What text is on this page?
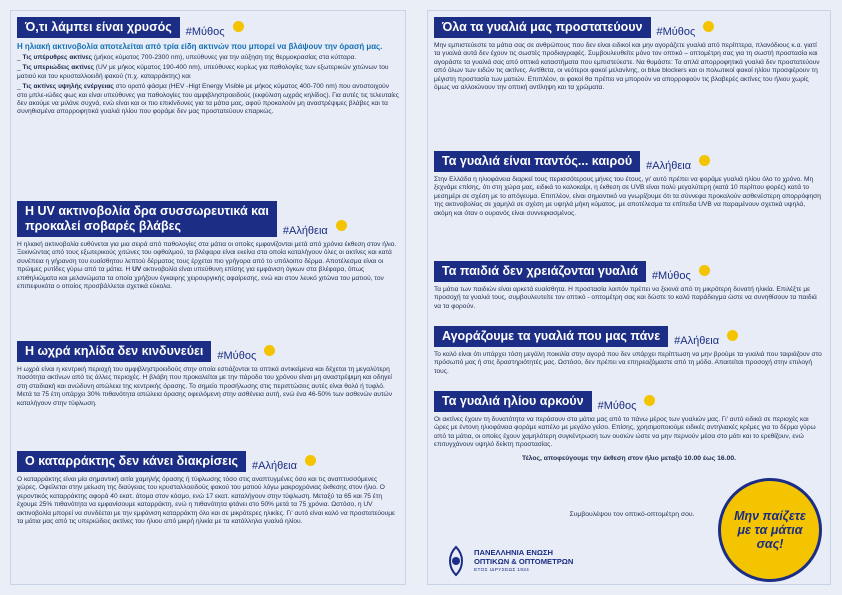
Ό,τι λάμπει είναι χρυσός	#Μύθος
Η ηλιακή ακτινοβολία αποτελείται από τρία είδη ακτινών που μπορεί να βλάψουν την όρασή μας.
_ Τις υπέρυθρες ακτίνες (μήκος κύματος 700-2300 nm), υπεύθυνες για την αύξηση της θερμοκρασίας στα κύτταρα.
_ Τις υπεριώδεις ακτίνες (UV με μήκος κύματος 190-400 nm), υπεύθυνες κυρίως για παθολογίες των εξωτερικών χιτώνων του ματιού και του κρυσταλλοειδή φακού (π.χ. καταρράκτης) και
_ Τις ακτίνες υψηλής ενέργειας στο ορατό φάσμα (HEV -Higt Energy Visible με μήκος κύματος 400-700 nm) που αντιστοιχούν στο μπλε-ιώδες φως και είναι υπεύθυνες για παθολογίες του αμφιβληστροειδούς (εκφύλιση ωχράς κηλίδος). Για αυτές τις τελευταίες δεν ακούμε να μιλάνε συχνά, ενώ είναι και οι πιο επικίνδυνες για τα μάτια μας, αφού προκαλούν μη αναστρέψιμες βλάβες και τα συνηθισμένα απορροφητικά γυαλιά ηλίου που φοράμε δεν μας προστατεύουν επαρκώς.
Η UV ακτινοβολία δρα συσσωρευτικά και
προκαλεί σοβαρές βλάβες	#Αλήθεια
Η ηλιακή ακτινοβολία ευθύνεται για μια σειρά από παθολογίες στα μάτια οι οποίες εμφανίζονται μετά από χρόνια έκθεση στον ήλιο. Ξεκινώντας από τους εξωτερικούς χιτώνες του οφθαλμού, τα βλέφαρα είναι εκείνα στα οποία καταλήγουν όλες οι ακτίνες και κατά συνέπεια η γήρανση του ευαίσθητου λεπτού δέρματος τους έρχεται πιο γρήγορα από το υπόλοιπο δέρμα. Αποτέλεσμα είναι οι πρώιμες ρυτίδες γύρω από τα μάτια. Η UV ακτινοβολία είναι υπεύθυνη επίσης για εμφάνιση όγκων στα βλέφαρα, όπως επιθηλιώματα και μελανώματα τα οποία χρήζουν έγκαιρης χειρουργικής αφαίρεσης, ενώ και στον λευκό χιτώνα του ματιού, τον επιπεφυκότα ο οποίος προσβάλλεται σχετικά εύκολα.
Η ωχρά κηλίδα δεν κινδυνεύει	#Μύθος
Η ωχρά είναι η κεντρική περιοχή του αμφιβληστροειδούς στην οποία εστιάζονται τα οπτικά αντικείμενα και δέχεται τη μεγαλύτερη ποσότητα ακτίνων από τις άλλες περιοχές. Η βλάβη που προκαλείται με την πάροδο του χρόνου είναι μη αναστρέψιμη και οδηγεί στη σταδιακή και ανώδυνη απώλεια της κεντρικής όρασης. Το σημείο προσήλωσης στις περιπτώσεις αυτές είναι θολό ή τυφλό. Μετά τα 75 έτη υπάρχει 30% πιθανότητα απώλεια όρασης οφειλόμενη στην ασθένεια αυτή, ενώ ένα 46-50% των ασθενών αυτών καταλήγουν στην τύφλωση.
Ο καταρράκτης δεν κάνει διακρίσεις	#Αλήθεια
Ο καταρράκτης είναι μία σημαντική αιτία χαμηλής όρασης ή τύφλωσης τόσο στις αναπτυγμένες όσο και τις αναπτυσσόμενες χώρες. Οφείλεται στην μείωση της διαύγειας του κρυσταλλοειδούς φακού του ματιού λόγω μακροχρόνιας έκθεσης στον ήλιο. Ο γεροντικός καταρράκτης αφορά 40 εκατ. άτομα στον κόσμο, ενώ 17 εκατ. καταλήγουν στην τύφλωση. Μεταξύ τα 65 και 75 έτη έχουμε 25% πιθανότητα να εμφανίσουμε καταρράκτη, ενώ η πιθανότητα φτάνει στο 50% μετά τα 75 χρόνια. Ωστόσο, η UV ακτινοβολία μπορεί να συνδέεται με την εμφάνιση καταρράκτη όλο και σε μικρότερες ηλικίες. Γι' αυτό είναι καλό να προστατεύουμε τα μάτια μας από τις υπεριώδεις ακτίνες του ήλιου από μικρή ηλικία με τα κατάλληλα γυαλιά ηλίου.
Όλα τα γυαλιά μας προστατεύουν	#Μύθος
Μην εμπιστεύεστε τα μάτια σας σε ανθρώπους που δεν είναι ειδικοί και μην αγοράζετε γυαλιά από περίπτερα, πλανόδιους κ.α. γιατί τα γυαλιά αυτά δεν έχουν τις σωστές προδιαγραφές. Συμβουλευθείτε μόνο τον οπτικό – οπτομέτρη σας για τη σωστή προστασία και αγοράστε τα γυαλιά σας από οπτικά καταστήματα που εμπιστεύεστε. Να θυμάστε: Τα απλά απορροφητικά γυαλιά δεν προστατεύουν από όλων των ειδών τις ακτίνες. Αντίθετα, οι νεότεροι φακοί μελανίνης, οι blue blockers και οι πολωτικοί φακοί ηλίου προσφέρουν τη μέγιστη προστασία των ματιών. Επιπλέον, οι φακοί θα πρέπει να μπορούν να απορροφούν τις βλαβερές ακτίνες του ήλιου χωρίς όμως να αλλοιώνουν την οπτική αντίληψη και τα χρώματα.
Τα γυαλιά είναι παντός... καιρού	#Αλήθεια
Στην Ελλάδα η ηλιοφάνεια διαρκεί τους περισσότερους μήνες του έτους, γι' αυτό πρέπει να φοράμε γυαλιά ηλίου όλο το χρόνο. Μη ξεχνάμε επίσης, ότι στη χώρα μας, ειδικά το καλοκαίρι, η έκθεση σε UVB είναι πολύ μεγαλύτερη (κατά 10 περίπου φορές) κατά το μεσημέρι σε σχέση με το απόγευμα. Επιπλέον, είναι σημαντικό να γνωρίζουμε ότι τα σύννεφα προκαλούν ασθενέστερη απορρόφηση της ακτινοβολίας σε χαμηλά σε σχέση με υψηλά μήκη κύματος, με αποτέλεσμα τα επίπεδα UVB να παραμένουν σχετικά υψηλά, ακόμη και όταν ο ουρανός είναι συννεφιασμένος.
Τα παιδιά δεν χρειάζονται γυαλιά	#Μύθος
Τα μάτια των παιδιών είναι αρκετά ευαίσθητα. Η προστασία λοιπόν πρέπει να ξεκινά από τη μικρότερη δυνατή ηλικία. Επιλέξτε με προσοχή τα γυαλιά τους, συμβουλευτείτε τον οπτικό - οπτομέτρη σας και δώστε το καλό παράδειγμα ώστε να συνηθίσουν τα παιδιά να τα φορούν.
Αγοράζουμε τα γυαλιά που μας πάνε	#Αλήθεια
Το καλό είναι ότι υπάρχει τόση μεγάλη ποικιλία στην αγορά που δεν υπάρχει περίπτωση να μην βρούμε τα γυαλιά που ταιριάζουν στο πρόσωπό μας ή στις δραστηριότητές μας. Ωστόσο, δεν πρέπει να επηρεαζόμαστε από τη μόδα. Απαιτείται προσοχή στην επιλογή τους.
Τα γυαλιά ηλίου αρκούν	#Μύθος
Οι ακτίνες έχουν τη δυνατότητα να περάσουν στα μάτια μας από το πάνω μέρος των γυαλιών μας. Γι' αυτό ειδικά σε περιοχές και ώρες με έντονη ηλιοφάνεια φοράμε καπέλο με μεγάλο γείσο. Επίσης, χρησιμοποιούμε ειδικές αντηλιακές κρέμες για το δέρμα γύρω από τα μάτια, οι οποίες έχουν χαμηλότερη συγκέντρωση των ουσιών ώστε να μην περνούν μέσα στο μάτι και το ερεθίζουν, ενώ επιτυγχάνουν υψηλό δείκτη προστασίας.
Τέλος, αποφεύγουμε την έκθεση στον ήλιο μεταξύ 10.00 έως 16.00.
Συμβουλέψου τον οπτικό-οπτομέτρη σου.
ΠΑΝΕΛΛΗΝΙΑ ΕΝΩΣΗ
ΟΠΤΙΚΩΝ & ΟΠΤΟΜΕΤΡΩΝ
ΕΤΟΣ ΙΔΡΥΣΕΩΣ 1924
Μην παίζετε με τα μάτια σας!
